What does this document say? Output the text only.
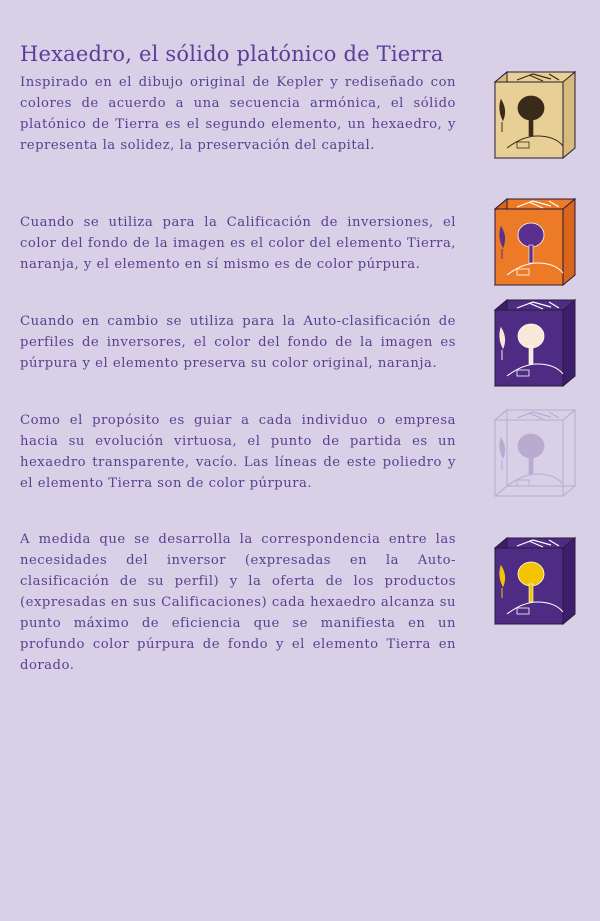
Hexaedro, el sólido platónico de Tierra

Inspirado en el dibujo original de Kepler y rediseñado con colores de acuerdo a una secuencia armónica, el sólido platónico de Tierra es el segundo elemento, un hexaedro, y representa la solidez, la preservación del capital.

Cuando se utiliza para la Calificación de inversiones, el color del fondo de la imagen es el color del elemento Tierra, naranja, y el elemento en sí mismo es de color púrpura.

Cuando en cambio se utiliza para la Auto-clasificación de perfiles de inversores, el color del fondo de la imagen es púrpura y el elemento preserva su color original, naranja.

Como el propósito es guiar a cada individuo o empresa hacia su evolución virtuosa, el punto de partida es un hexaedro transparente, vacío. Las líneas de este poliedro y el elemento Tierra son de color púrpura.

A medida que se desarrolla la correspondencia entre las necesidades del inversor (expresadas en la Auto-clasificación de su perfil) y la oferta de los productos (expresadas en sus Calificaciones) cada hexaedro alcanza su punto máximo de eficiencia que se manifiesta en un profundo color púrpura de fondo y el elemento Tierra en dorado.
